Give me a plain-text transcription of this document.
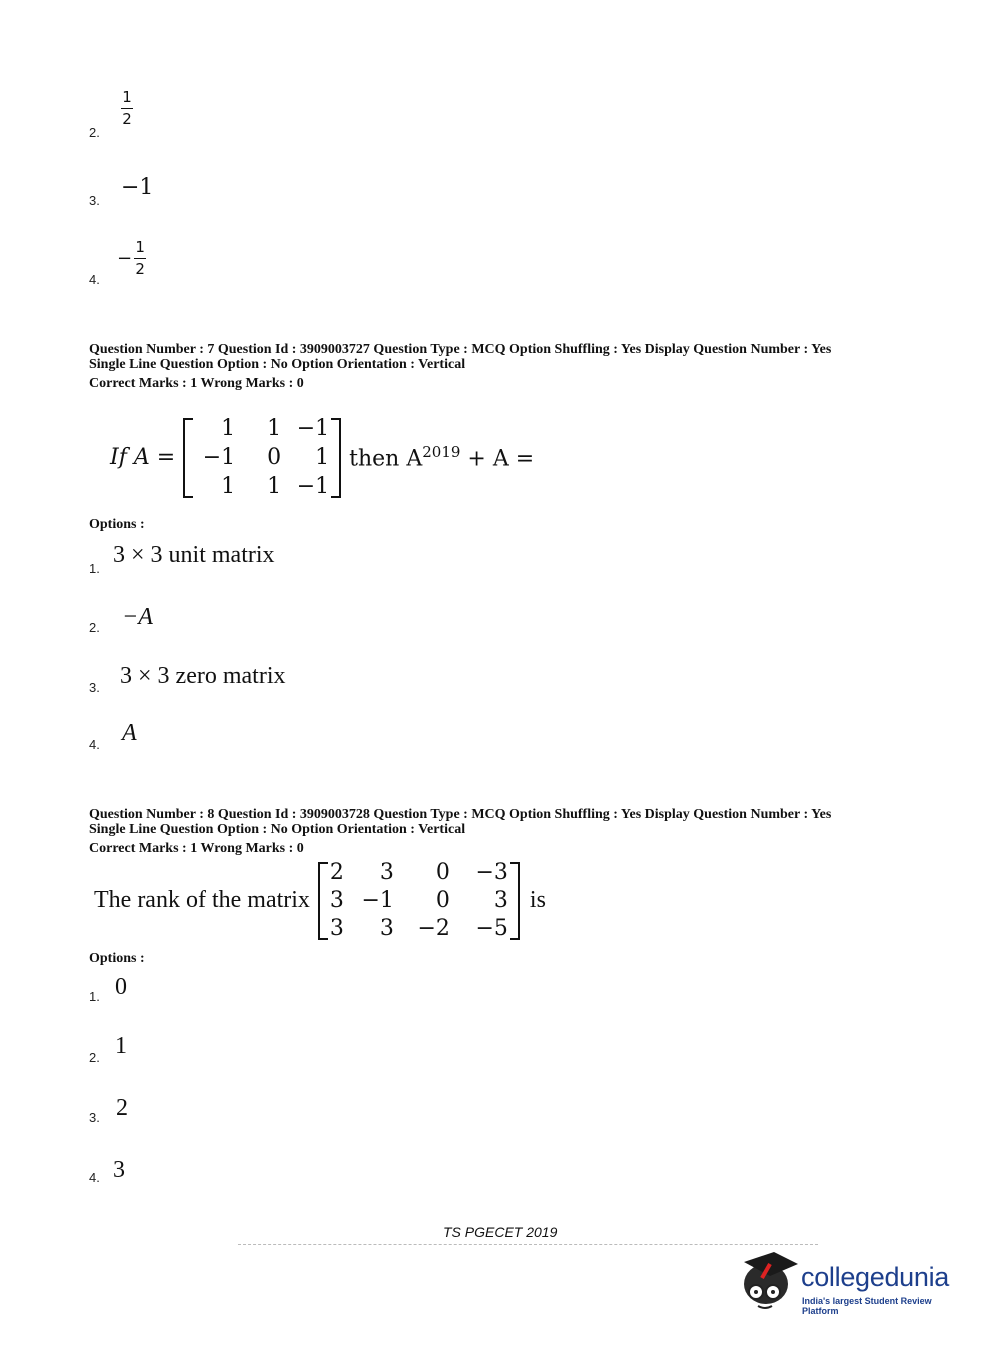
2.
1
2
3.
−1
4.
− $\frac{1}{2}$
Question Number : 7 Question Id : 3909003727 Question Type : MCQ Option Shuffling : Yes Display Question Number : Yes
Single Line Question Option : No Option Orientation : Vertical
Correct Marks : 1 Wrong Marks : 0
If A =
1	1 −1
−1	0	1
1	1 −1
then $A^{2019} + A$ =
Options :
1.
3 × 3 unit matrix
2. −A
3. 3 × 3 zero matrix
4. A
Question Number : 8 Question Id : 3909003728 Question Type : MCQ Option Shuffling : Yes Display Question Number : Yes
Single Line Question Option : No Option Orientation : Vertical
Correct Marks : 1 Wrong Marks : 0
The rank of the matrix
2	3	0	−3
3 −1	0	3
3	3	−2	−5
is
Options :
1. 0
2. 1
3. 2
4. 3
TS PGECET 2019
collegedunia
India's largest Student Review Platform
